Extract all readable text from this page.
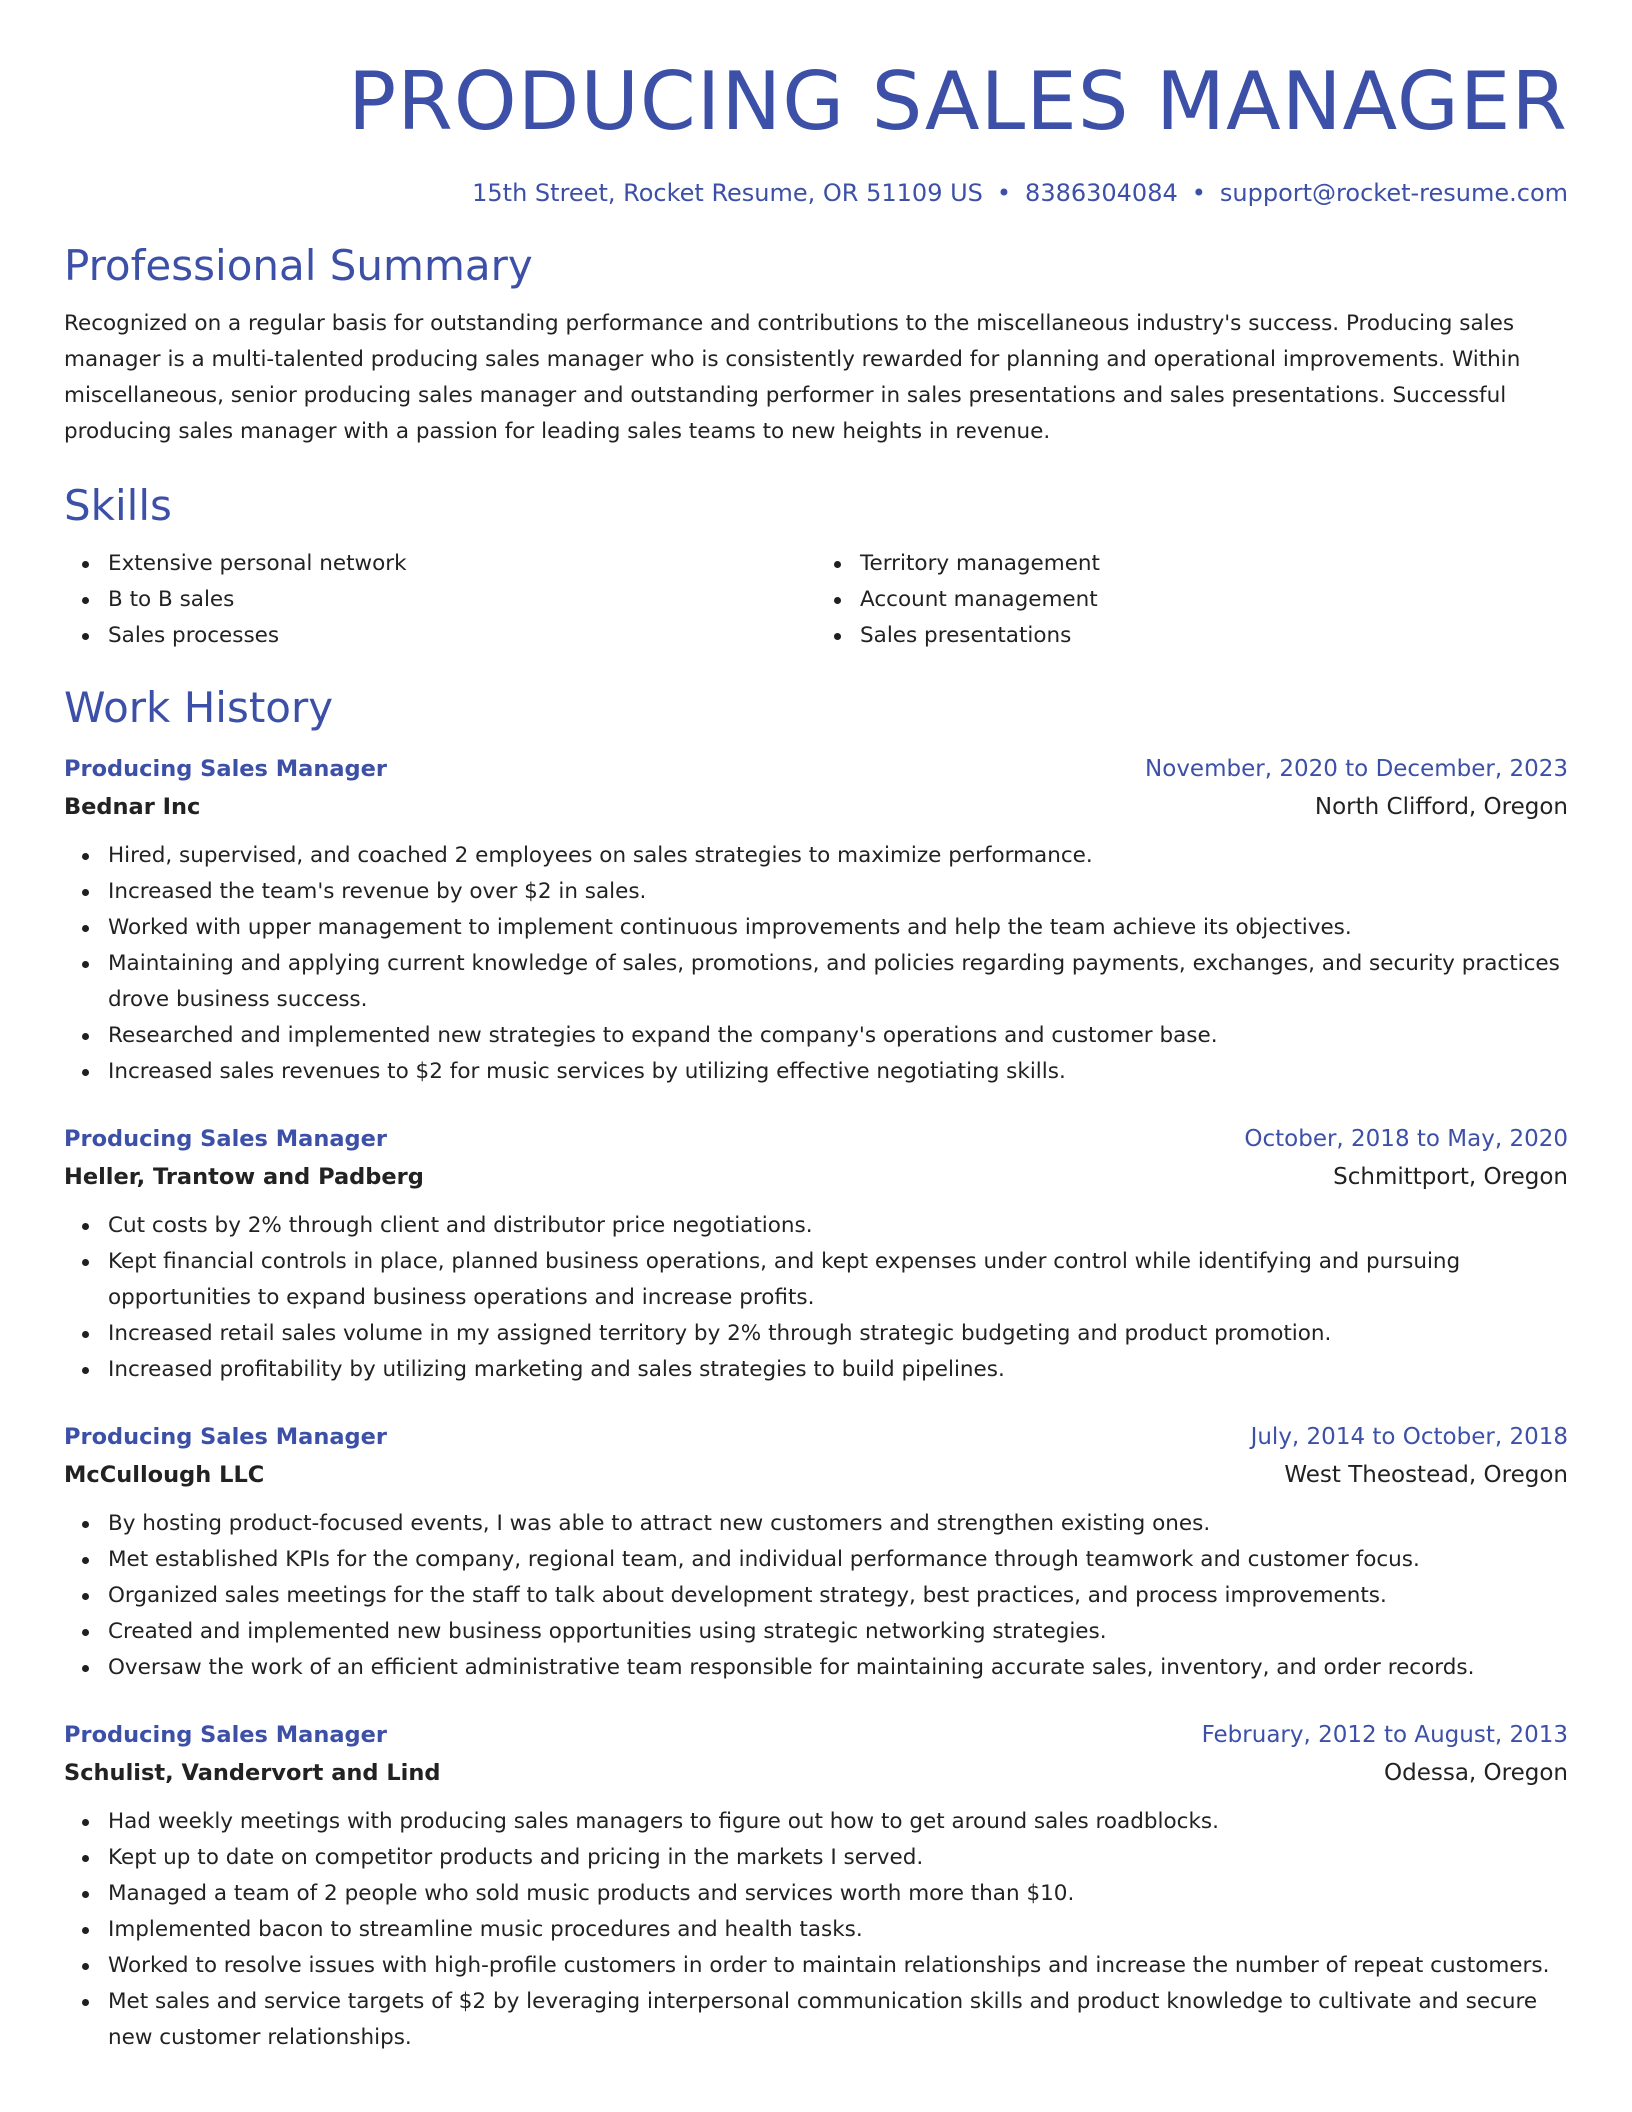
PRODUCING SALES MANAGER
15th Street, Rocket Resume, OR 51109 US • 8386304084 • support@rocket-resume.com
Professional Summary

Recognized on a regular basis for outstanding performance and contributions to the miscellaneous industry's success. Producing sales manager is a multi-talented producing sales manager who is consistently rewarded for planning and operational improvements. Within miscellaneous, senior producing sales manager and outstanding performer in sales presentations and sales presentations. Successful producing sales manager with a passion for leading sales teams to new heights in revenue.

Skills
Extensive personal network
B to B sales
Sales processes
Territory management
Account management
Sales presentations
Work History
Producing Sales Manager	November, 2020 to December, 2023
Bednar Inc	North Clifford, Oregon
Hired, supervised, and coached 2 employees on sales strategies to maximize performance.
Increased the team's revenue by over $2 in sales.
Worked with upper management to implement continuous improvements and help the team achieve its objectives.
Maintaining and applying current knowledge of sales, promotions, and policies regarding payments, exchanges, and security practices drove business success.
Researched and implemented new strategies to expand the company's operations and customer base.
Increased sales revenues to $2 for music services by utilizing effective negotiating skills.
Producing Sales Manager	October, 2018 to May, 2020
Heller, Trantow and Padberg	Schmittport, Oregon
Cut costs by 2% through client and distributor price negotiations.
Kept financial controls in place, planned business operations, and kept expenses under control while identifying and pursuing opportunities to expand business operations and increase profits.
Increased retail sales volume in my assigned territory by 2% through strategic budgeting and product promotion.
Increased profitability by utilizing marketing and sales strategies to build pipelines.
Producing Sales Manager	July, 2014 to October, 2018
McCullough LLC	West Theostead, Oregon
By hosting product-focused events, I was able to attract new customers and strengthen existing ones.
Met established KPIs for the company, regional team, and individual performance through teamwork and customer focus.
Organized sales meetings for the staff to talk about development strategy, best practices, and process improvements.
Created and implemented new business opportunities using strategic networking strategies.
Oversaw the work of an efficient administrative team responsible for maintaining accurate sales, inventory, and order records.
Producing Sales Manager	February, 2012 to August, 2013
Schulist, Vandervort and Lind	Odessa, Oregon
Had weekly meetings with producing sales managers to figure out how to get around sales roadblocks.
Kept up to date on competitor products and pricing in the markets I served.
Managed a team of 2 people who sold music products and services worth more than $10.
Implemented bacon to streamline music procedures and health tasks.
Worked to resolve issues with high-profile customers in order to maintain relationships and increase the number of repeat customers.
Met sales and service targets of $2 by leveraging interpersonal communication skills and product knowledge to cultivate and secure new customer relationships.
